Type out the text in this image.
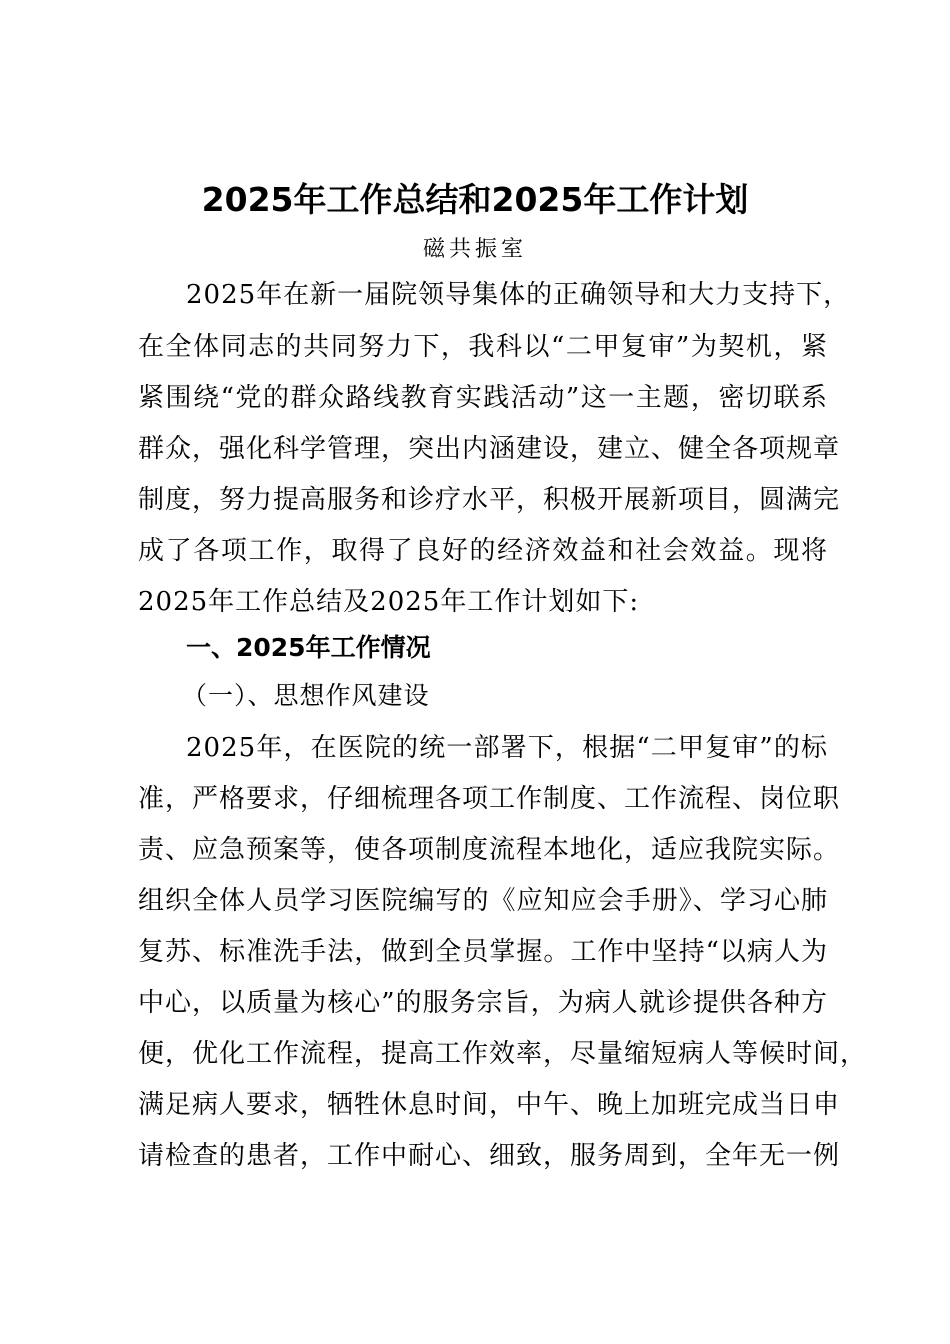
2025年工作总结和2025年工作计划
磁共振室
2025年在新一届院领导集体的正确领导和大力支持下，
在全体同志的共同努力下，我科以“二甲复审”为契机，紧
紧围绕“党的群众路线教育实践活动”这一主题，密切联系
群众，强化科学管理，突出内涵建设，建立、健全各项规章
制度，努力提高服务和诊疗水平，积极开展新项目，圆满完
成了各项工作，取得了良好的经济效益和社会效益。现将
2025年工作总结及2025年工作计划如下:
一、2025年工作情况
（一）、思想作风建设
2025年，在医院的统一部署下，根据“二甲复审”的标
准，严格要求，仔细梳理各项工作制度、工作流程、岗位职
责、应急预案等，使各项制度流程本地化，适应我院实际。
组织全体人员学习医院编写的《应知应会手册》、学习心肺
复苏、标准洗手法，做到全员掌握。工作中坚持“以病人为
中心，以质量为核心”的服务宗旨，为病人就诊提供各种方
便，优化工作流程，提高工作效率，尽量缩短病人等候时间，
满足病人要求，牺牲休息时间，中午、晚上加班完成当日申
请检查的患者，工作中耐心、细致，服务周到，全年无一例
